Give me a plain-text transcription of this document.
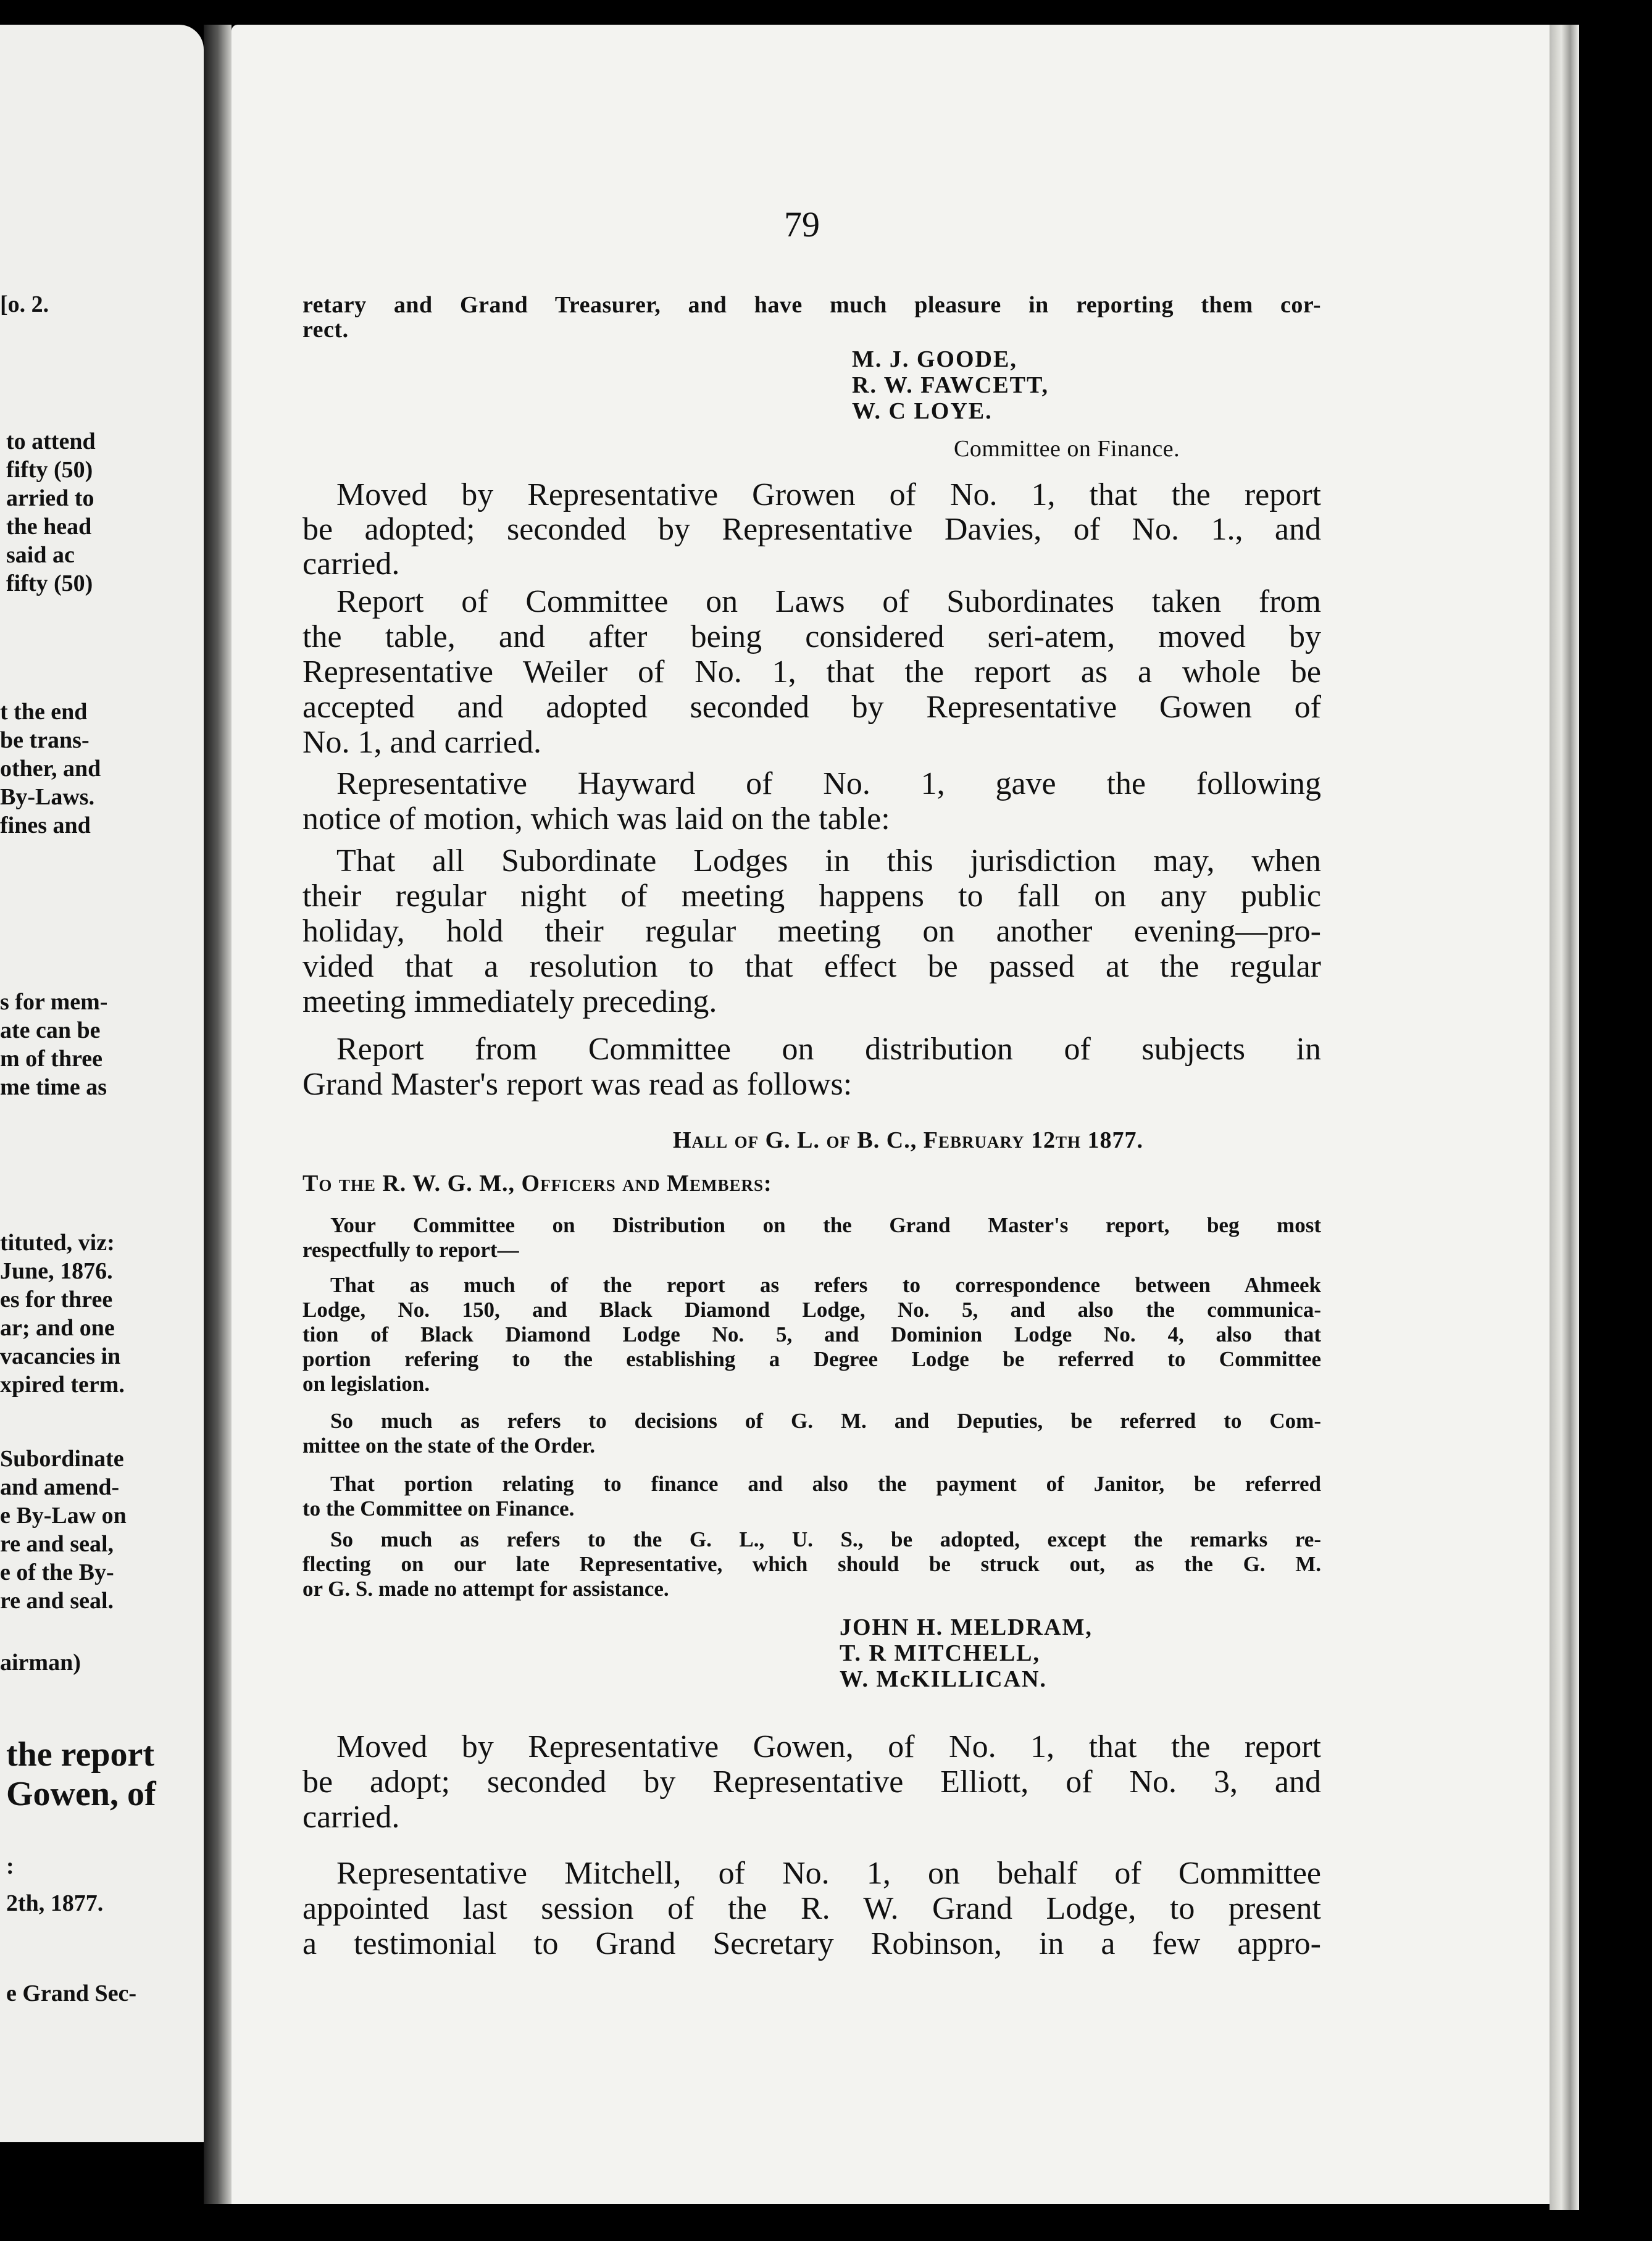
[o. 2.
to attend
fifty (50)
arried to
the head
said ac
fifty (50)
t the end
be trans-
other, and
By-Laws.
fines and
s for mem-
ate can be
m of three
me time as
tituted, viz:
June, 1876.
es for three
ar; and one
vacancies in
xpired term.
Subordinate
and amend-
e By-Law on
re and seal,
e of the By-
re and seal.
airman)
the report
Gowen, of
:
2th, 1877.
e Grand Sec-
79
retary and Grand Treasurer, and have much pleasure in reporting them cor-
rect.
M. J. GOODE,
R. W. FAWCETT,
W. C LOYE.
Committee on Finance.
Moved by Representative Growen of No. 1, that the report
be adopted; seconded by Representative Davies, of No. 1., and
carried.
Report of Committee on Laws of Subordinates taken from
the table, and after being considered seri-atem, moved by
Representative Weiler of No. 1, that the report as a whole be
accepted and adopted seconded by Representative Gowen of
No. 1, and carried.
Representative Hayward of No. 1, gave the following
notice of motion, which was laid on the table:
That all Subordinate Lodges in this jurisdiction may, when
their regular night of meeting happens to fall on any public
holiday, hold their regular meeting on another evening—pro-
vided that a resolution to that effect be passed at the regular
meeting immediately preceding.
Report from Committee on distribution of subjects in
Grand Master's report was read as follows:
Hall of G. L. of B. C., February 12th 1877.
To the R. W. G. M., Officers and Members:
Your Committee on Distribution on the Grand Master's report, beg most
respectfully to report—
That as much of the report as refers to correspondence between Ahmeek
Lodge, No. 150, and Black Diamond Lodge, No. 5, and also the communica-
tion of Black Diamond Lodge No. 5, and Dominion Lodge No. 4, also that
portion refering to the establishing a Degree Lodge be referred to Committee
on legislation.
So much as refers to decisions of G. M. and Deputies, be referred to Com-
mittee on the state of the Order.
That portion relating to finance and also the payment of Janitor, be referred
to the Committee on Finance.
So much as refers to the G. L., U. S., be adopted, except the remarks re-
flecting on our late Representative, which should be struck out, as the G. M.
or G. S. made no attempt for assistance.
JOHN H. MELDRAM,
T. R MITCHELL,
W. McKILLICAN.
Moved by Representative Gowen, of No. 1, that the report
be adopt; seconded by Representative Elliott, of No. 3, and
carried.
Representative Mitchell, of No. 1, on behalf of Committee
appointed last session of the R. W. Grand Lodge, to present
a testimonial to Grand Secretary Robinson, in a few appro-
